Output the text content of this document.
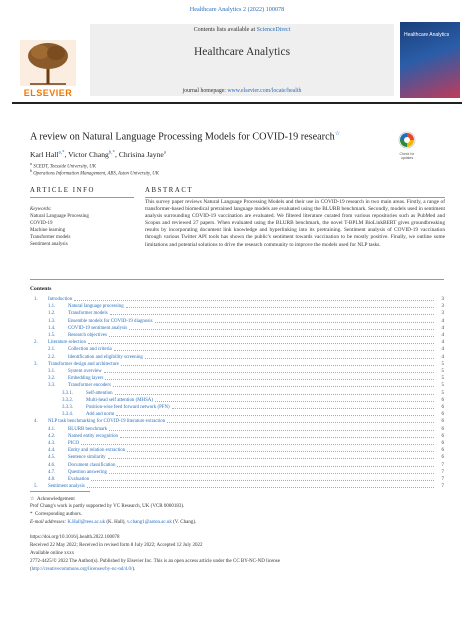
Healthcare Analytics 2 (2022) 100078
ELSEVIER
Contents lists available at ScienceDirect
Healthcare Analytics
journal homepage: www.elsevier.com/locate/health
Healthcare Analytics
A review on Natural Language Processing Models for COVID-19 research☆
Check for updates
Karl Hall$^{a,*}$, Victor Chang$^{b,*}$, Chrisina Jayne$^a$
$^a$ SCEDT, Teesside University, UK
$^b$ Operations Information Management, ABS, Aston University, UK
ARTICLE INFO	ABSTRACT
Keywords:
Natural Language Processing
COVID-19
Machine learning
Transformer models
Sentiment analysis
This survey paper reviews Natural Language Processing Models and their use in COVID-19 research in two main areas. Firstly, a range of transformer-based biomedical pretrained language models are evaluated using the BLURB benchmark. Secondly, models used in sentiment analysis surrounding COVID-19 vaccination are evaluated. We filtered literature curated from various repositories such as PubMed and Scopus and reviewed 27 papers. When evaluated using the BLURB benchmark, the novel T-BPLM BioLinkBERT gives groundbreaking results by incorporating document link knowledge and hyperlinking into its pretraining. Sentiment analysis of COVID-19 vaccination through various Twitter API tools has shown the public's sentiment towards vaccination to be mostly positive. Finally, we outline some limitations and potential solutions to drive the research community to improve the models used for NLP tasks.
Contents
1. Introduction	3
1.1.	Natural language processing	3
1.2.	Transformer models	3
1.3.	Ensemble models for COVID-19 diagnosis	4
1.4.	COVID-19 sentiment analysis	4
1.5.	Research objectives	4
2. Literature selection	4
2.1.	Collection and criteria	4
2.2.	Identification and eligibility screening	4
3. Transformer design and architecture	5
3.1.	System overview	5
3.2.	Embedding layers	5
3.3.	Transformer encoders	5
3.3.1.	Self-attention	5
3.3.2.	Multi-head self attention (MHSA)	6
3.3.3.	Position-wise feed forward network (PFN)	6
3.3.4.	Add and norm	6
4. NLP task benchmarking for COVID-19 literature extraction	6
4.1.	BLURB benchmark	6
4.2.	Named entity recognition	6
4.3.	PICO	6
4.4.	Entity and relation extraction	6
4.5.	Sentence similarity	6
4.6.	Document classification	7
4.7.	Question answering	7
4.8.	Evaluation	7
5. Sentiment analysis	7
☆ Acknowledgement
Prof Chang's work is partly supported by VC Research, UK (VCR 0000183).
* Corresponding authors.
E-mail addresses: K.Hall@tees.ac.uk (K. Hall), v.chang1@aston.ac.uk (V. Chang).
https://doi.org/10.1016/j.health.2022.100078
Received 22 May 2022; Received in revised form 8 July 2022; Accepted 12 July 2022
Available online xxxx
2772-4425/© 2022 The Author(s). Published by Elsevier Inc. This is an open access article under the CC BY-NC-ND license
(http://creativecommons.org/licenses/by-nc-nd/4.0/).
